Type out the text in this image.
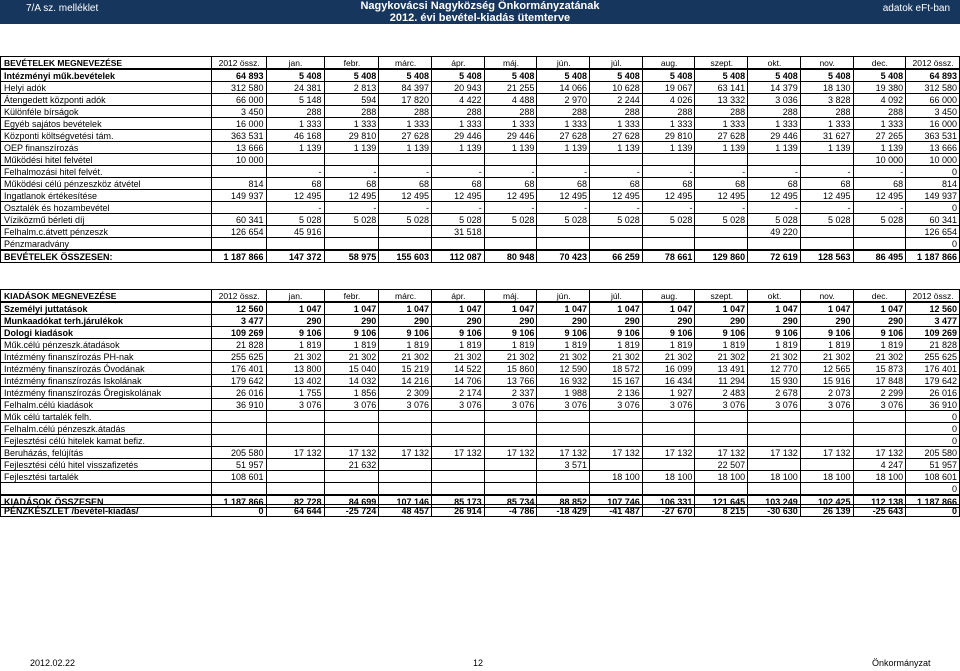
7/A sz. melléklet	Nagykovácsi Nagyközség Önkormányzatának
2012. évi bevétel-kiadás ütemterve
adatok eFt-ban
BEVÉTELEK MEGNEVEZÉSE	2012 össz.	jan.	febr.	márc.	ápr.	máj.	jún.	júl.	aug.	szept.	okt.	nov.	dec.	2012 össz.
Intézményi műk.bevételek	64 893	5 408	5 408	5 408	5 408	5 408	5 408	5 408	5 408	5 408	5 408	5 408	5 408	64 893
Helyi adók	312 580	24 381	2 813	84 397	20 943	21 255	14 066	10 628	19 067	63 141	14 379	18 130	19 380	312 580
Átengedett központi adók	66 000	5 148	594	17 820	4 422	4 488	2 970	2 244	4 026	13 332	3 036	3 828	4 092	66 000
Különféle bírságok	3 450	288	288	288	288	288	288	288	288	288	288	288	288	3 450
Egyéb sajátos bevételek	16 000	1 333	1 333	1 333	1 333	1 333	1 333	1 333	1 333	1 333	1 333	1 333	1 333	16 000
Központi költségvetési tám.	363 531	46 168	29 810	27 628	29 446	29 446	27 628	27 628	29 810	27 628	29 446	31 627	27 265	363 531
OEP finanszírozás	13 666	1 139	1 139	1 139	1 139	1 139	1 139	1 139	1 139	1 139	1 139	1 139	1 139	13 666
Működési hitel felvétel	10 000												10 000	10 000
Felhalmozási hitel felvét.		-	-	-	-	-	-	-	-	-	-	-	-	0
Működési célú pénzeszköz átvétel	814	68	68	68	68	68	68	68	68	68	68	68	68	814
Ingatlanok értékesítése	149 937	12 495	12 495	12 495	12 495	12 495	12 495	12 495	12 495	12 495	12 495	12 495	12 495	149 937
Osztalék és hozambevétel		-	-	-	-	-	-	-	-	-	-	-	-	0
Víziközmű bérleti díj	60 341	5 028	5 028	5 028	5 028	5 028	5 028	5 028	5 028	5 028	5 028	5 028	5 028	60 341
Felhalm.c.átvett pénzeszk	126 654	45 916			31 518						49 220			126 654
Pénzmaradvány														0
BEVÉTELEK ÖSSZESEN:	1 187 866	147 372	58 975	155 603	112 087	80 948	70 423	66 259	78 661	129 860	72 619	128 563	86 495	1 187 866
KIADÁSOK MEGNEVEZÉSE	2012 össz.	jan.	febr.	márc.	ápr.	máj.	jún.	júl.	aug.	szept.	okt.	nov.	dec.	2012 össz.
Személyi juttatások	12 560	1 047	1 047	1 047	1 047	1 047	1 047	1 047	1 047	1 047	1 047	1 047	1 047	12 560
Munkaadókat terh.járulékok	3 477	290	290	290	290	290	290	290	290	290	290	290	290	3 477
Dologi kiadások	109 269	9 106	9 106	9 106	9 106	9 106	9 106	9 106	9 106	9 106	9 106	9 106	9 106	109 269
Műk.célú pénzeszk.átadások	21 828	1 819	1 819	1 819	1 819	1 819	1 819	1 819	1 819	1 819	1 819	1 819	1 819	21 828
Intézmény finanszírozás PH-nak	255 625	21 302	21 302	21 302	21 302	21 302	21 302	21 302	21 302	21 302	21 302	21 302	21 302	255 625
Intézmény finanszírozás Óvodának	176 401	13 800	15 040	15 219	14 522	15 860	12 590	18 572	16 099	13 491	12 770	12 565	15 873	176 401
Intézmény finanszírozás Iskolának	179 642	13 402	14 032	14 216	14 706	13 766	16 932	15 167	16 434	11 294	15 930	15 916	17 848	179 642
Intézmény finanszírozás Öregiskolának	26 016	1 755	1 856	2 309	2 174	2 337	1 988	2 136	1 927	2 483	2 678	2 073	2 299	26 016
Felhalm.célú kiadások	36 910	3 076	3 076	3 076	3 076	3 076	3 076	3 076	3 076	3 076	3 076	3 076	3 076	36 910
Műk célú tartalék felh.														0
Felhalm.célú pénzeszk.átadás														0
Fejlesztési célú hitelek kamat befiz.														0
Beruházás, felújítás	205 580	17 132	17 132	17 132	17 132	17 132	17 132	17 132	17 132	17 132	17 132	17 132	17 132	205 580
Fejlesztési célú hitel visszafizetés	51 957		21 632				3 571			22 507			4 247	51 957
Fejlesztési tartalék	108 601							18 100	18 100	18 100	18 100	18 100	18 100	108 601
														0
KIADÁSOK ÖSSZESEN	1 187 866	82 728	84 699	107 146	85 173	85 734	88 852	107 746	106 331	121 645	103 249	102 425	112 138	1 187 866
PÉNZKÉSZLET /bevétel-kiadás/	0	64 644	-25 724	48 457	26 914	-4 786	-18 429	-41 487	-27 670	8 215	-30 630	26 139	-25 643	0
2012.02.22	12	Önkormányzat
